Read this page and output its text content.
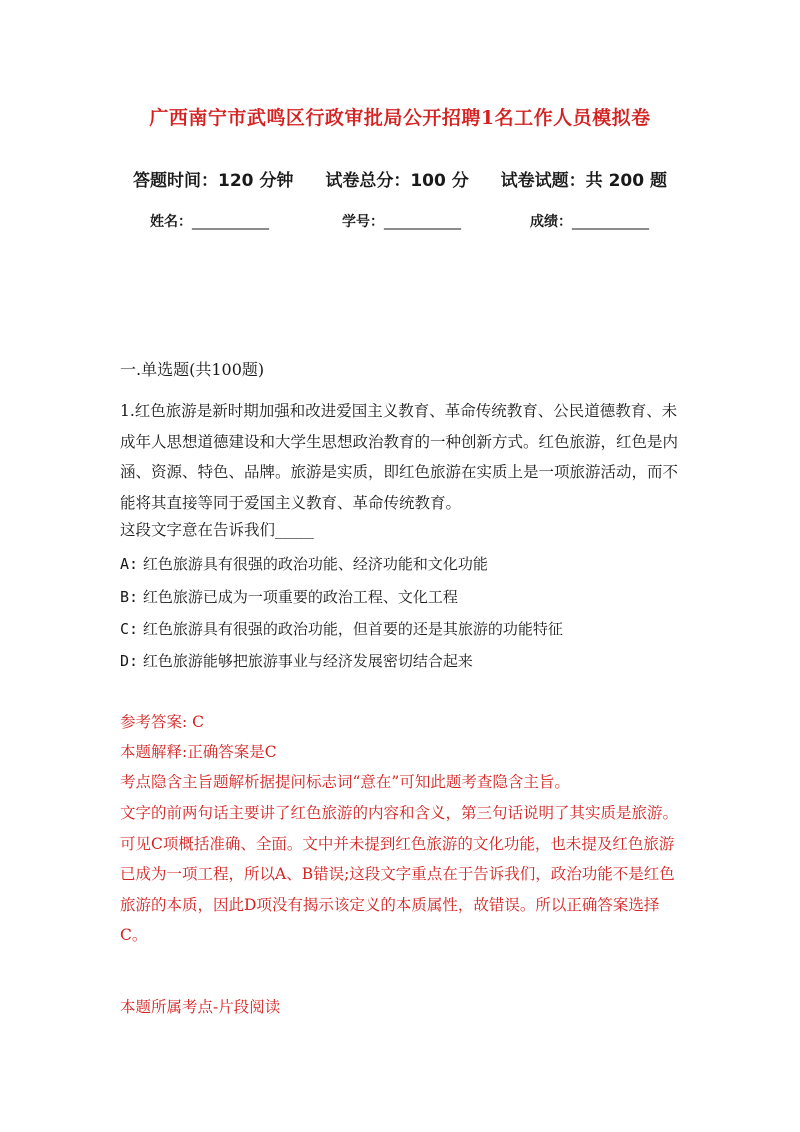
广西南宁市武鸣区行政审批局公开招聘1名工作人员模拟卷
答题时间：120 分钟 试卷总分：100 分 试卷试题：共 200 题
姓名：___________	学号：___________	成绩：___________
一.单选题(共100题)
1.红色旅游是新时期加强和改进爱国主义教育、革命传统教育、公民道德教育、未成年人思想道德建设和大学生思想政治教育的一种创新方式。红色旅游，红色是内涵、资源、特色、品牌。旅游是实质，即红色旅游在实质上是一项旅游活动，而不能将其直接等同于爱国主义教育、革命传统教育。
这段文字意在告诉我们_____
A: 红色旅游具有很强的政治功能、经济功能和文化功能
B: 红色旅游已成为一项重要的政治工程、文化工程
C: 红色旅游具有很强的政治功能，但首要的还是其旅游的功能特征
D: 红色旅游能够把旅游事业与经济发展密切结合起来
参考答案: C
本题解释:正确答案是C
考点隐含主旨题解析据提问标志词“意在”可知此题考查隐含主旨。
文字的前两句话主要讲了红色旅游的内容和含义，第三句话说明了其实质是旅游。可见C项概括准确、全面。文中并未提到红色旅游的文化功能，也未提及红色旅游已成为一项工程，所以A、B错误;这段文字重点在于告诉我们，政治功能不是红色旅游的本质，因此D项没有揭示该定义的本质属性，故错误。所以正确答案选择C。
本题所属考点-片段阅读
